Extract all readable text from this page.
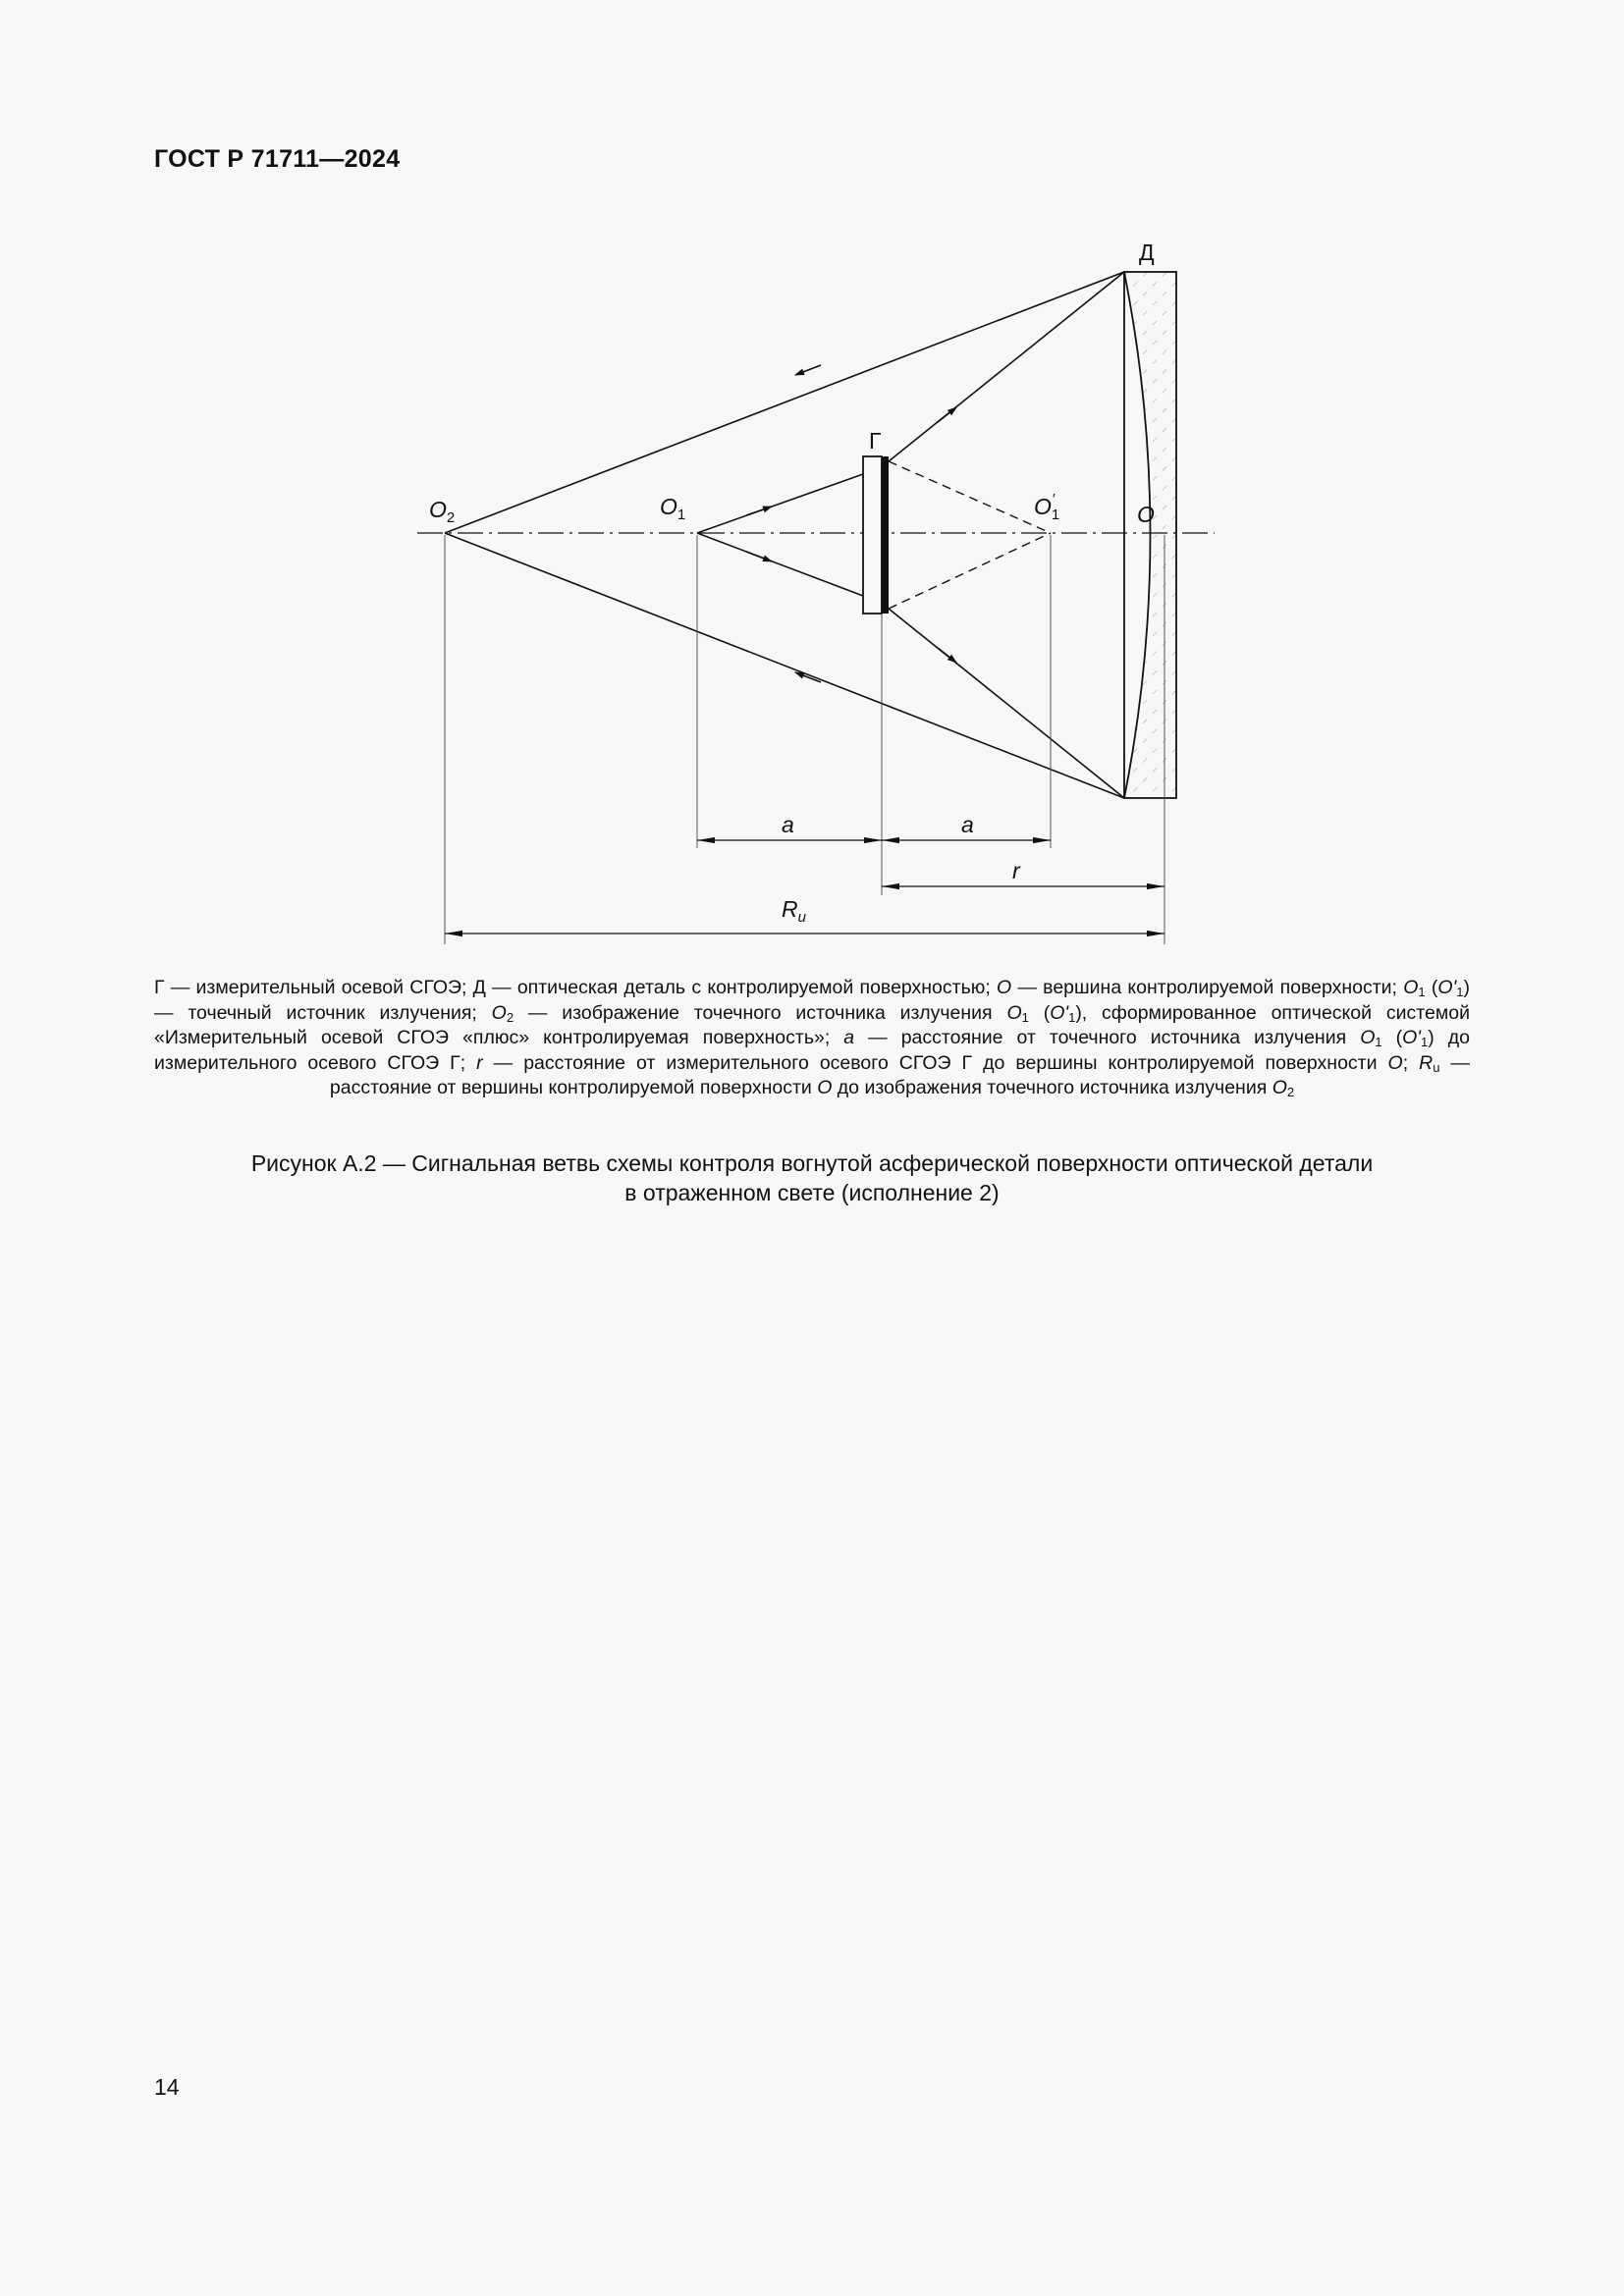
ГОСТ Р 71711—2024
Д
Г
$O_2$	$O_1$	$O_1'$
O
a	a
r
$R_u$
Г — измерительный осевой СГОЭ; Д — оптическая деталь с контролируемой поверхностью; O — вершина контролируемой поверхности; $O_1$ $(O'_1)$ — точечный источник излучения; $O_2$ — изображение точечного источника излучения $O_1$ $(O'_1)$, сформированное оптической системой «Измерительный осевой СГОЭ «плюс» контролируемая поверхность»; a — расстояние от точечного источника излучения $O_1$ $(O'_1)$ до измерительного осевого СГОЭ Г; r — расстояние от измерительного осевого СГОЭ Г до вершины контролируемой поверхности O; $R_u$ — расстояние от вершины контролируемой поверхности O до изображения точечного источника излучения $O_2$
Рисунок А.2 — Сигнальная ветвь схемы контроля вогнутой асферической поверхности оптической детали
в отраженном свете (исполнение 2)
14
